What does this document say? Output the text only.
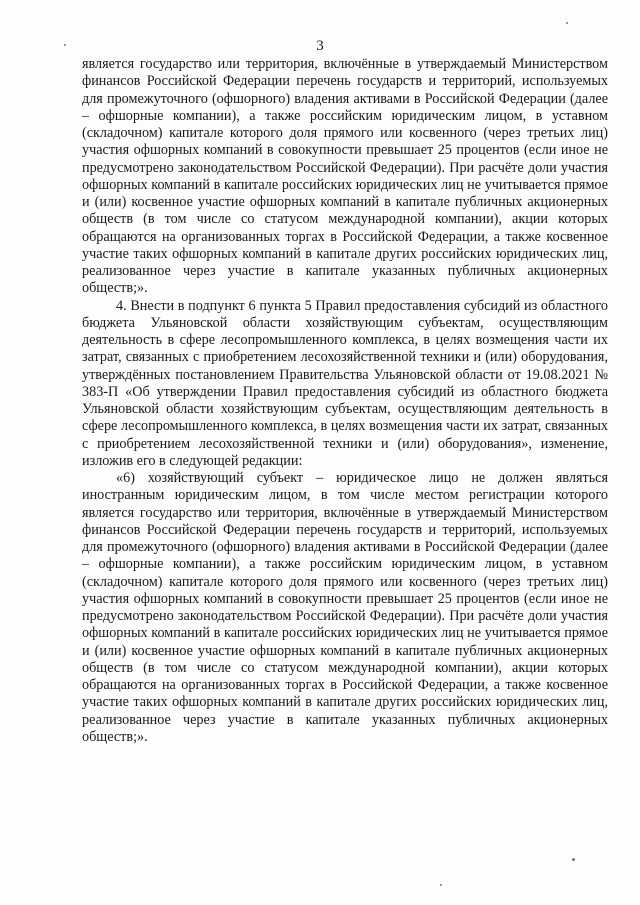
3

является государство или территория, включённые в утверждаемый Министерством финансов Российской Федерации перечень государств и территорий, используемых для промежуточного (офшорного) владения активами в Российской Федерации (далее – офшорные компании), а также российским юридическим лицом, в уставном (складочном) капитале которого доля прямого или косвенного (через третьих лиц) участия офшорных компаний в совокупности превышает 25 процентов (если иное не предусмотрено законодательством Российской Федерации). При расчёте доли участия офшорных компаний в капитале российских юридических лиц не учитывается прямое и (или) косвенное участие офшорных компаний в капитале публичных акционерных обществ (в том числе со статусом международной компании), акции которых обращаются на организованных торгах в Российской Федерации, а также косвенное участие таких офшорных компаний в капитале других российских юридических лиц, реализованное через участие в капитале указанных публичных акционерных обществ;».

4. Внести в подпункт 6 пункта 5 Правил предоставления субсидий из областного бюджета Ульяновской области хозяйствующим субъектам, осуществляющим деятельность в сфере лесопромышленного комплекса, в целях возмещения части их затрат, связанных с приобретением лесохозяйственной техники и (или) оборудования, утверждённых постановлением Правительства Ульяновской области от 19.08.2021 № 383-П «Об утверждении Правил предоставления субсидий из областного бюджета Ульяновской области хозяйствующим субъектам, осуществляющим деятельность в сфере лесопромышленного комплекса, в целях возмещения части их затрат, связанных с приобретением лесохозяйственной техники и (или) оборудования», изменение, изложив его в следующей редакции:

«6) хозяйствующий субъект – юридическое лицо не должен являться иностранным юридическим лицом, в том числе местом регистрации которого является государство или территория, включённые в утверждаемый Министерством финансов Российской Федерации перечень государств и территорий, используемых для промежуточного (офшорного) владения активами в Российской Федерации (далее – офшорные компании), а также российским юридическим лицом, в уставном (складочном) капитале которого доля прямого или косвенного (через третьих лиц) участия офшорных компаний в совокупности превышает 25 процентов (если иное не предусмотрено законодательством Российской Федерации). При расчёте доли участия офшорных компаний в капитале российских юридических лиц не учитывается прямое и (или) косвенное участие офшорных компаний в капитале публичных акционерных обществ (в том числе со статусом международной компании), акции которых обращаются на организованных торгах в Российской Федерации, а также косвенное участие таких офшорных компаний в капитале других российских юридических лиц, реализованное через участие в капитале указанных публичных акционерных обществ;».
